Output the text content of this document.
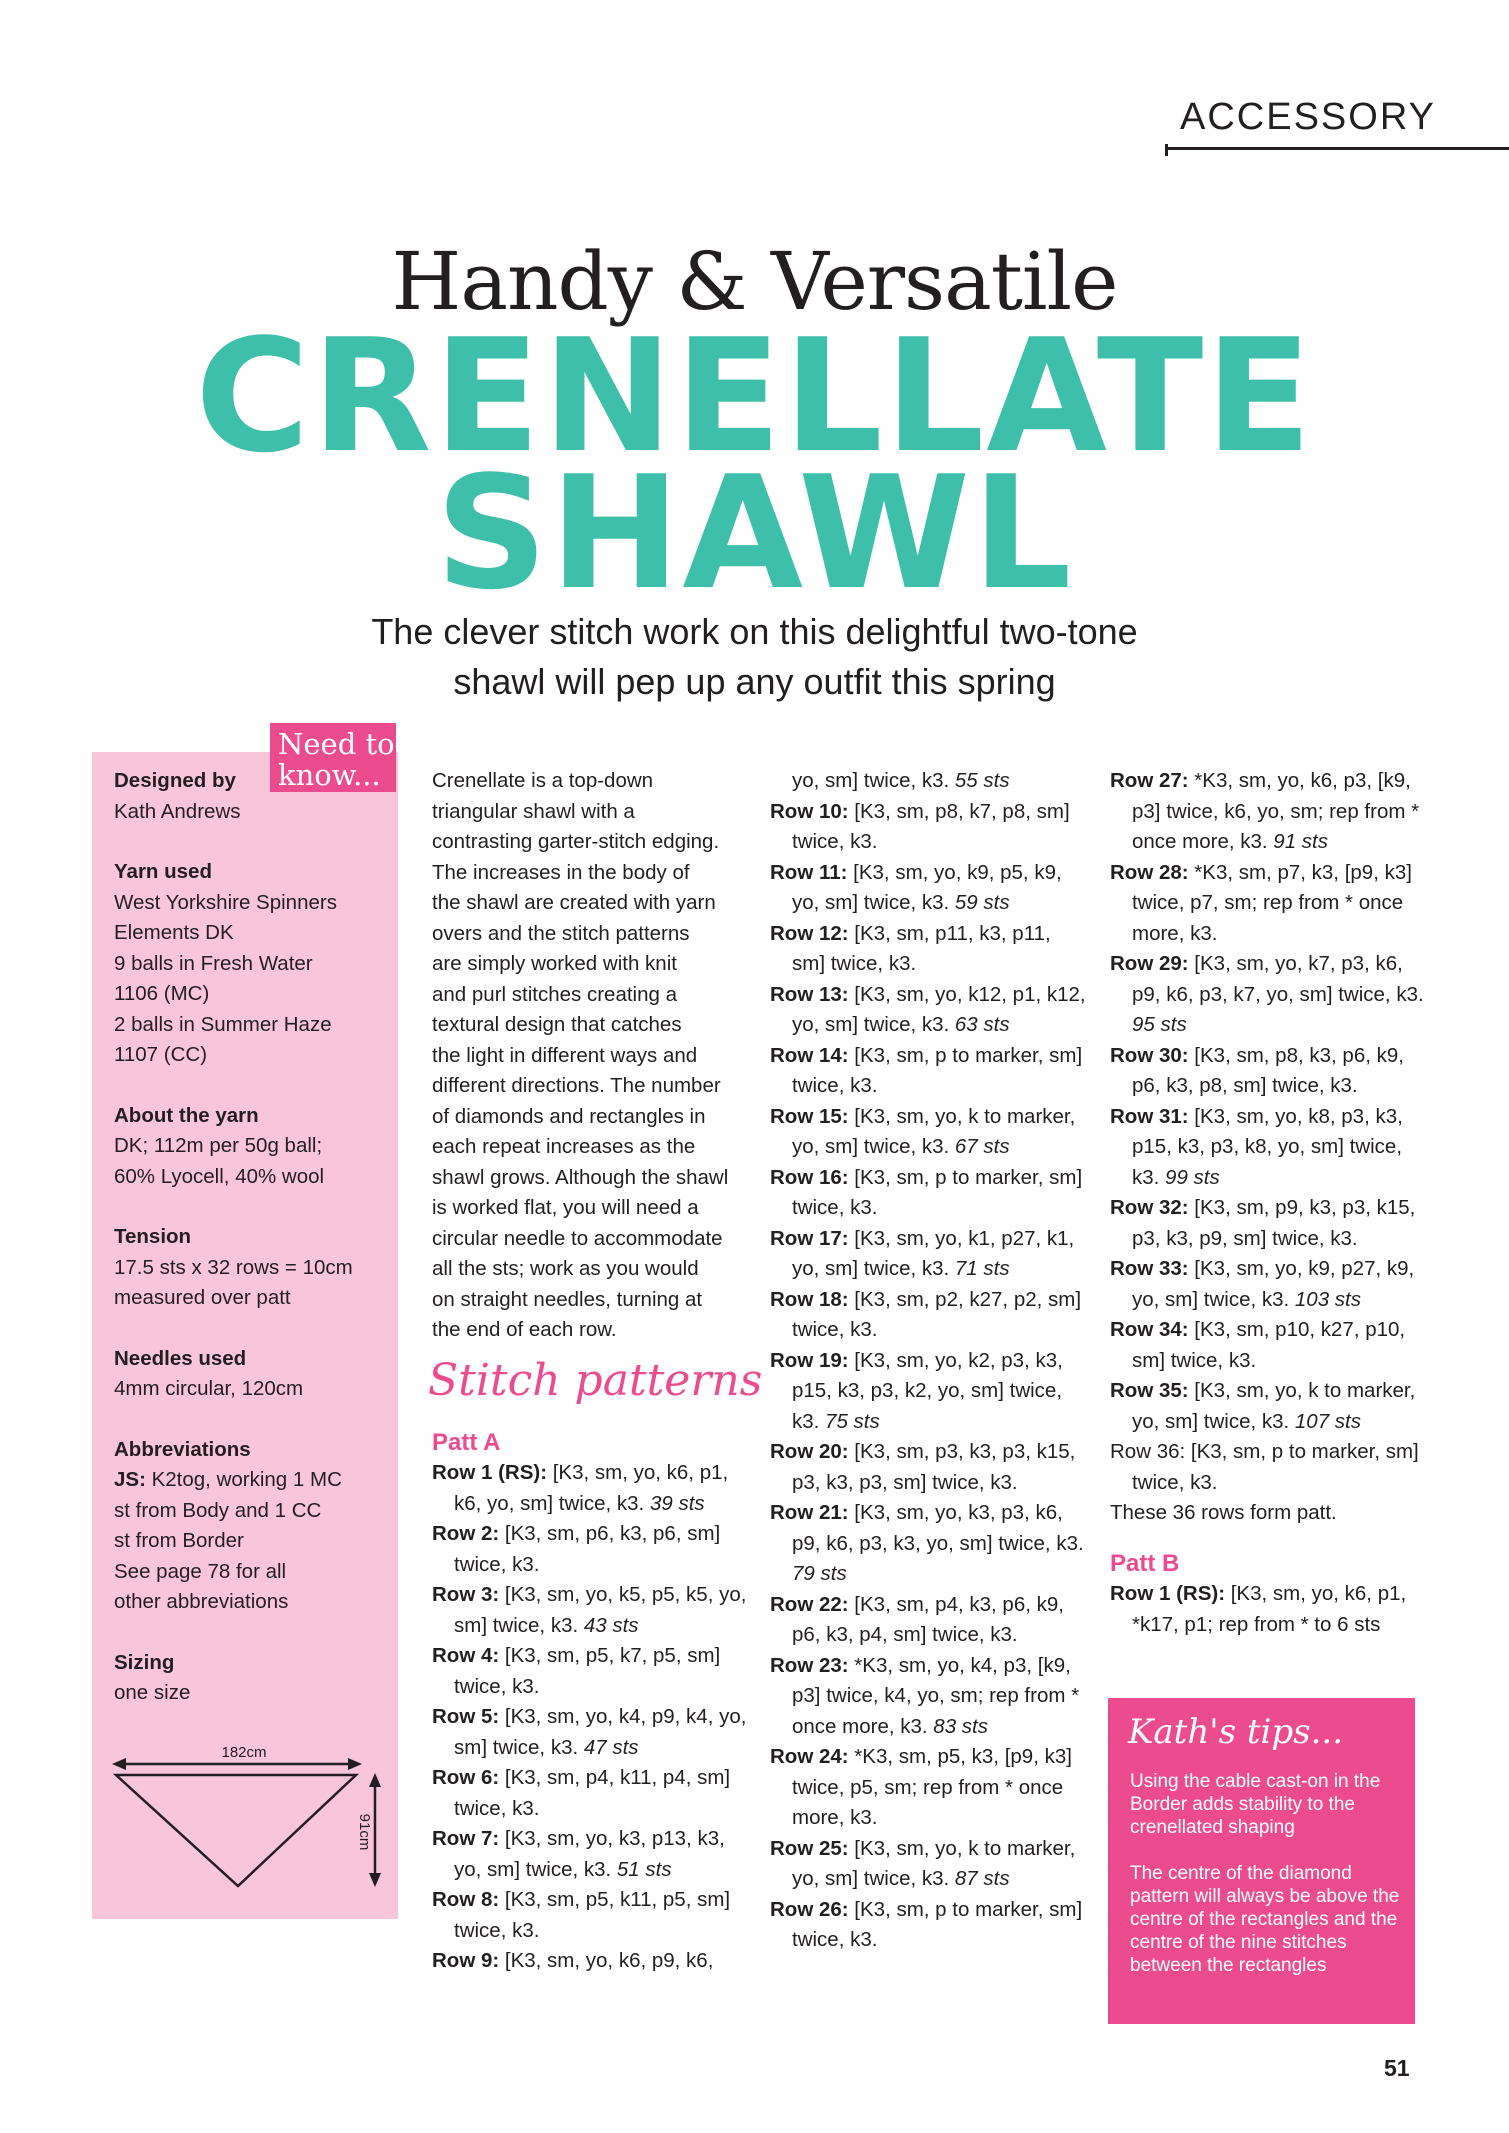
ACCESSORY
Handy & Versatile
CRENELLATE
SHAWL
The clever stitch work on this delightful two-tone
shawl will pep up any outfit this spring
Designed by
Kath Andrews
Yarn used
West Yorkshire Spinners
Elements DK
9 balls in Fresh Water
1106 (MC)
2 balls in Summer Haze
1107 (CC)
About the yarn
DK; 112m per 50g ball;
60% Lyocell, 40% wool
Tension
17.5 sts x 32 rows = 10cm
measured over patt
Needles used
4mm circular, 120cm
Abbreviations
JS: K2tog, working 1 MC
st from Body and 1 CC
st from Border
See page 78 for all
other abbreviations
Sizing
one size
182cm
91cm
Need to
know...	Crenellate is a top-down
triangular shawl with a
contrasting garter-stitch edging.
The increases in the body of
the shawl are created with yarn
overs and the stitch patterns
are simply worked with knit
and purl stitches creating a
textural design that catches
the light in different ways and
different directions. The number
of diamonds and rectangles in
each repeat increases as the
shawl grows. Although the shawl
is worked flat, you will need a
circular needle to accommodate
all the sts; work as you would
on straight needles, turning at
the end of each row.
Patt A

Row 1 (RS): [K3, sm, yo, k6, p1, k6, yo, sm] twice, k3. 39 sts

Row 2: [K3, sm, p6, k3, p6, sm] twice, k3.

Row 3: [K3, sm, yo, k5, p5, k5, yo, sm] twice, k3. 43 sts

Row 4: [K3, sm, p5, k7, p5, sm] twice, k3.

Row 5: [K3, sm, yo, k4, p9, k4, yo, sm] twice, k3. 47 sts

Row 6: [K3, sm, p4, k11, p4, sm] twice, k3.

Row 7: [K3, sm, yo, k3, p13, k3, yo, sm] twice, k3. 51 sts

Row 8: [K3, sm, p5, k11, p5, sm] twice, k3.

Row 9: [K3, sm, yo, k6, p9, k6,

Stitch patterns

yo, sm] twice, k3. 55 sts

Row 10: [K3, sm, p8, k7, p8, sm] twice, k3.

Row 11: [K3, sm, yo, k9, p5, k9, yo, sm] twice, k3. 59 sts

Row 12: [K3, sm, p11, k3, p11, sm] twice, k3.

Row 13: [K3, sm, yo, k12, p1, k12, yo, sm] twice, k3. 63 sts

Row 14: [K3, sm, p to marker, sm] twice, k3.

Row 15: [K3, sm, yo, k to marker, yo, sm] twice, k3. 67 sts

Row 16: [K3, sm, p to marker, sm] twice, k3.

Row 17: [K3, sm, yo, k1, p27, k1, yo, sm] twice, k3. 71 sts

Row 18: [K3, sm, p2, k27, p2, sm] twice, k3.

Row 19: [K3, sm, yo, k2, p3, k3, p15, k3, p3, k2, yo, sm] twice, k3. 75 sts

Row 20: [K3, sm, p3, k3, p3, k15, p3, k3, p3, sm] twice, k3.

Row 21: [K3, sm, yo, k3, p3, k6, p9, k6, p3, k3, yo, sm] twice, k3. 79 sts

Row 22: [K3, sm, p4, k3, p6, k9, p6, k3, p4, sm] twice, k3.

Row 23: *K3, sm, yo, k4, p3, [k9, p3] twice, k4, yo, sm; rep from * once more, k3. 83 sts

Row 24: *K3, sm, p5, k3, [p9, k3] twice, p5, sm; rep from * once more, k3.

Row 25: [K3, sm, yo, k to marker, yo, sm] twice, k3. 87 sts

Row 26: [K3, sm, p to marker, sm] twice, k3.

Row 27: *K3, sm, yo, k6, p3, [k9, p3] twice, k6, yo, sm; rep from * once more, k3. 91 sts

Row 28: *K3, sm, p7, k3, [p9, k3] twice, p7, sm; rep from * once more, k3.

Row 29: [K3, sm, yo, k7, p3, k6, p9, k6, p3, k7, yo, sm] twice, k3. 95 sts

Row 30: [K3, sm, p8, k3, p6, k9, p6, k3, p8, sm] twice, k3.

Row 31: [K3, sm, yo, k8, p3, k3, p15, k3, p3, k8, yo, sm] twice, k3. 99 sts

Row 32: [K3, sm, p9, k3, p3, k15, p3, k3, p9, sm] twice, k3.

Row 33: [K3, sm, yo, k9, p27, k9, yo, sm] twice, k3. 103 sts

Row 34: [K3, sm, p10, k27, p10, sm] twice, k3.

Row 35: [K3, sm, yo, k to marker, yo, sm] twice, k3. 107 sts

Row 36: [K3, sm, p to marker, sm] twice, k3.

These 36 rows form patt.
Patt B

Row 1 (RS): [K3, sm, yo, k6, p1, *k17, p1; rep from * to 6 sts

Kath's tips...
Using the cable cast-on in the Border adds stability to the crenellated shaping
The centre of the diamond pattern will always be above the centre of the rectangles and the centre of the nine stitches between the rectangles
51
